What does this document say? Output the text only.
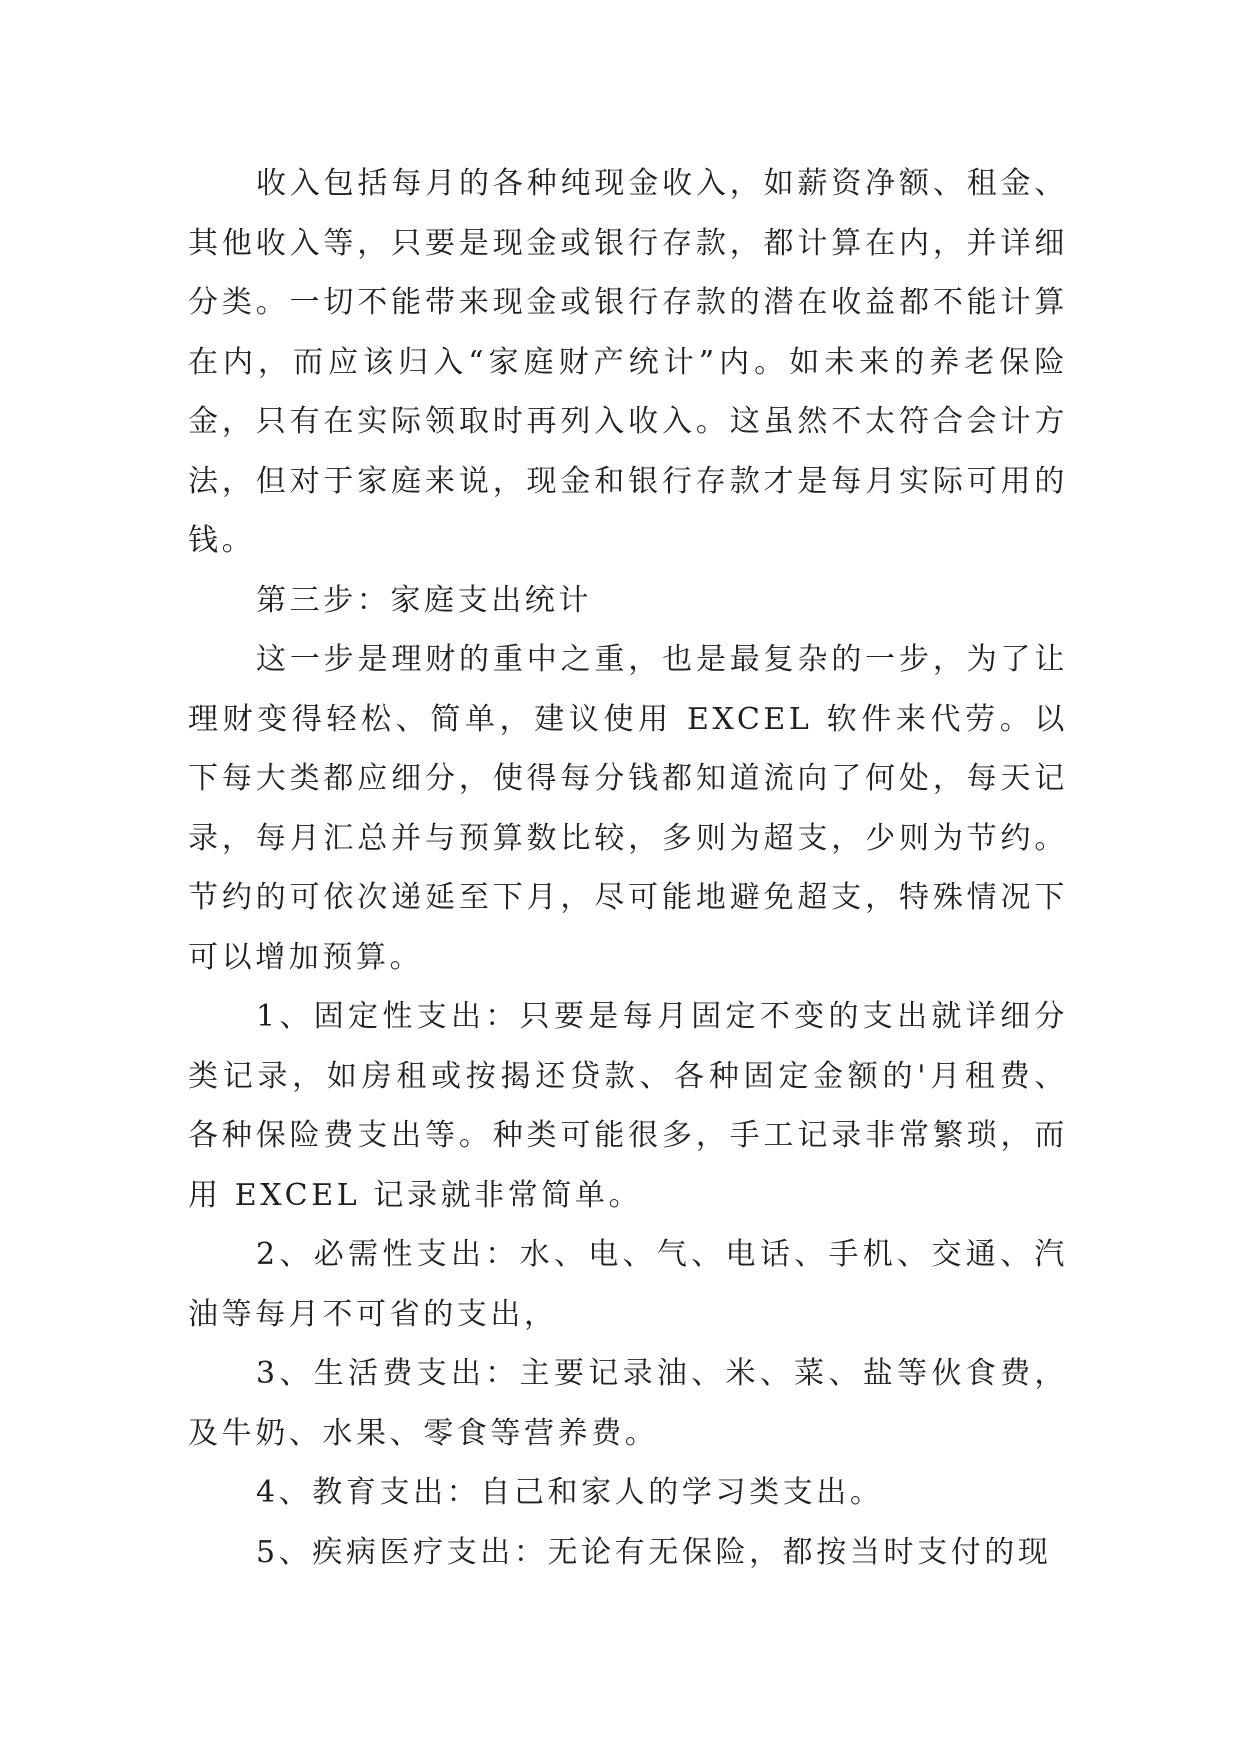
收入包括每月的各种纯现金收入，如薪资净额、租金、其他收入等，只要是现金或银行存款，都计算在内，并详细分类。一切不能带来现金或银行存款的潜在收益都不能计算在内，而应该归入“家庭财产统计”内。如未来的养老保险金，只有在实际领取时再列入收入。这虽然不太符合会计方法，但对于家庭来说，现金和银行存款才是每月实际可用的钱。

第三步：家庭支出统计

这一步是理财的重中之重，也是最复杂的一步，为了让理财变得轻松、简单，建议使用 EXCEL 软件来代劳。以下每大类都应细分，使得每分钱都知道流向了何处，每天记录，每月汇总并与预算数比较，多则为超支，少则为节约。节约的可依次递延至下月，尽可能地避免超支，特殊情况下可以增加预算。

1、固定性支出：只要是每月固定不变的支出就详细分类记录，如房租或按揭还贷款、各种固定金额的'月租费、各种保险费支出等。种类可能很多，手工记录非常繁琐，而用 EXCEL 记录就非常简单。

2、必需性支出：水、电、气、电话、手机、交通、汽油等每月不可省的支出，

3、生活费支出：主要记录油、米、菜、盐等伙食费，及牛奶、水果、零食等营养费。

4、教育支出：自己和家人的学习类支出。

5、疾病医疗支出：无论有无保险，都按当时支付的现
